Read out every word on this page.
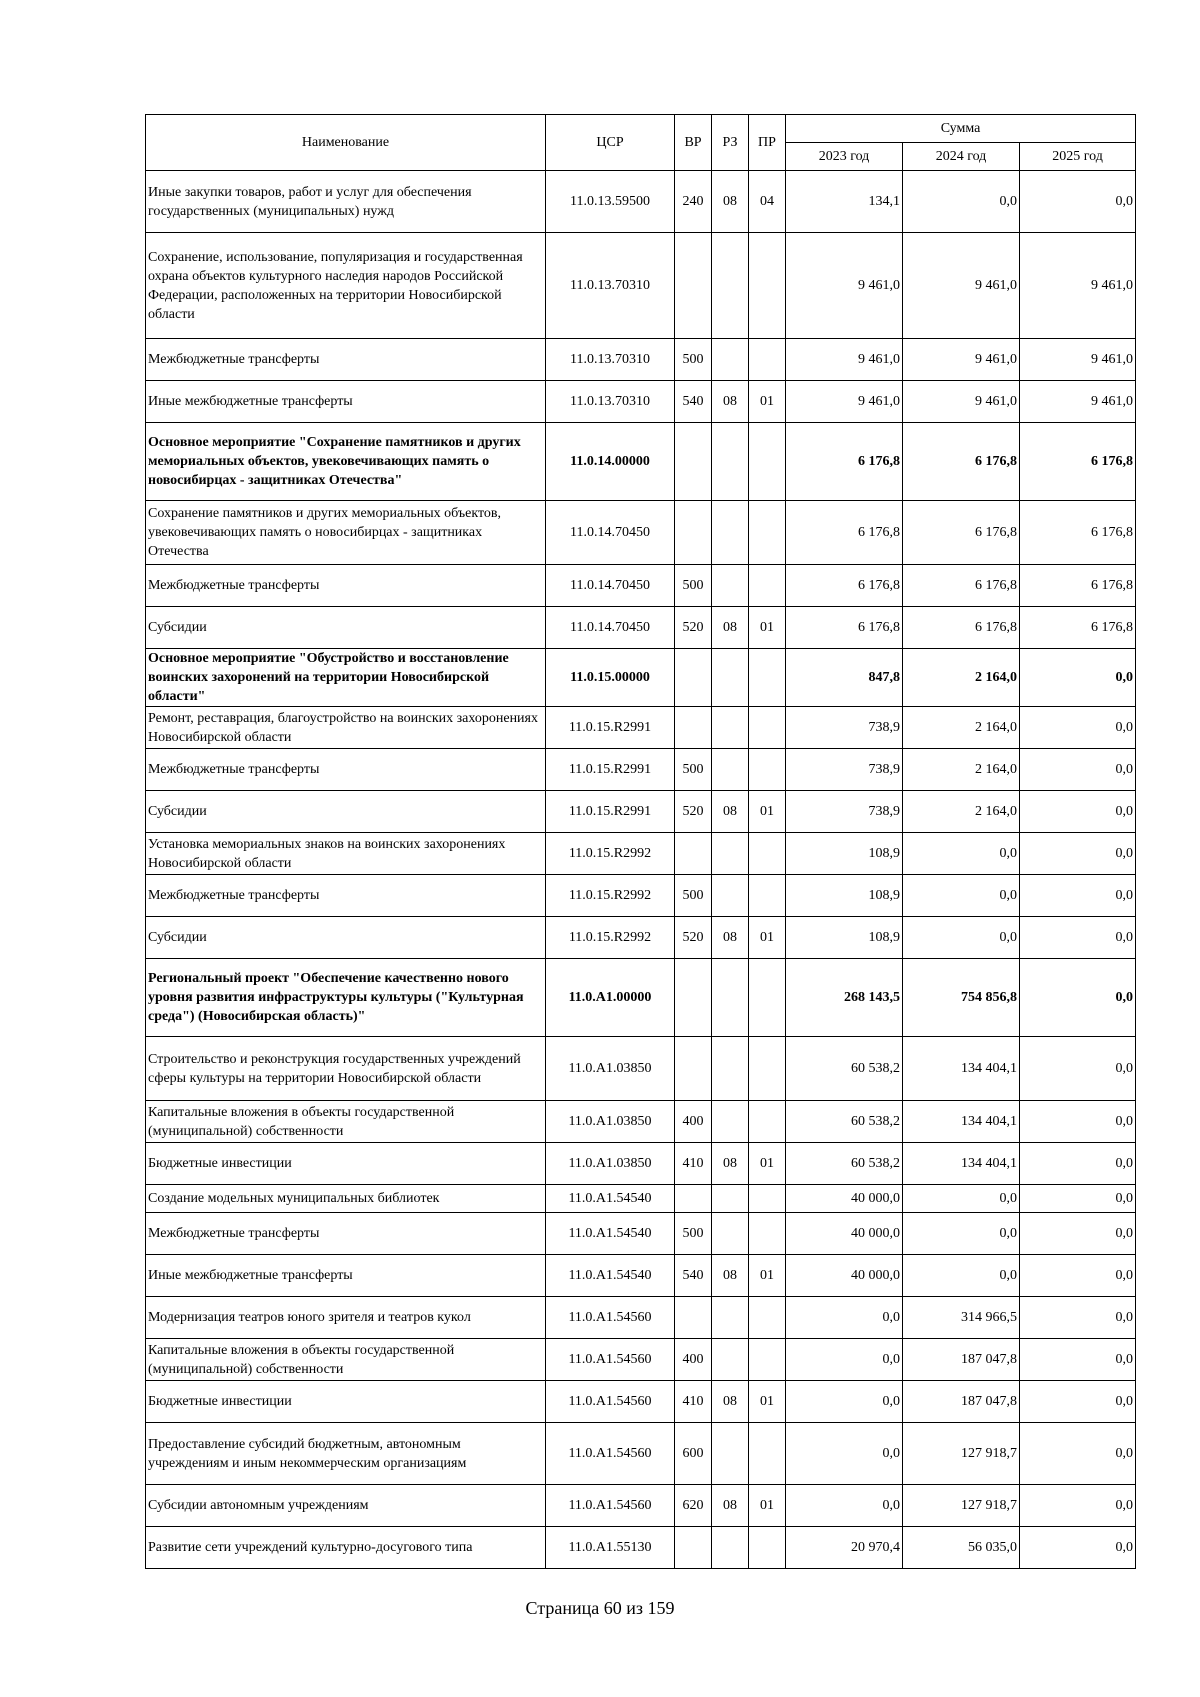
Наименование	ЦСР	ВР	РЗ	ПР	Сумма		
					2023 год	2024 год	2025 год
Иные закупки товаров, работ и услуг для обеспечения государственных (муниципальных) нужд	11.0.13.59500	240	08	04	134,1	0,0	0,0
Сохранение, использование, популяризация и государственная охрана объектов культурного наследия народов Российской Федерации, расположенных на территории Новосибирской области	11.0.13.70310				9 461,0	9 461,0	9 461,0
Межбюджетные трансферты	11.0.13.70310	500			9 461,0	9 461,0	9 461,0
Иные межбюджетные трансферты	11.0.13.70310	540	08	01	9 461,0	9 461,0	9 461,0
Основное мероприятие "Сохранение памятников и других мемориальных объектов, увековечивающих память о новосибирцах - защитниках Отечества"	11.0.14.00000				6 176,8	6 176,8	6 176,8
Сохранение памятников и других мемориальных объектов, увековечивающих память о новосибирцах - защитниках Отечества	11.0.14.70450				6 176,8	6 176,8	6 176,8
Межбюджетные трансферты	11.0.14.70450	500			6 176,8	6 176,8	6 176,8
Субсидии	11.0.14.70450	520	08	01	6 176,8	6 176,8	6 176,8
Основное мероприятие "Обустройство и восстановление воинских захоронений на территории Новосибирской области"	11.0.15.00000				847,8	2 164,0	0,0
Ремонт, реставрация, благоустройство на воинских захоронениях Новосибирской области	11.0.15.R2991				738,9	2 164,0	0,0
Межбюджетные трансферты	11.0.15.R2991	500			738,9	2 164,0	0,0
Субсидии	11.0.15.R2991	520	08	01	738,9	2 164,0	0,0
Установка мемориальных знаков на воинских захоронениях Новосибирской области	11.0.15.R2992				108,9	0,0	0,0
Межбюджетные трансферты	11.0.15.R2992	500			108,9	0,0	0,0
Субсидии	11.0.15.R2992	520	08	01	108,9	0,0	0,0
Региональный проект "Обеспечение качественно нового уровня развития инфраструктуры культуры ("Культурная среда") (Новосибирская область)"	11.0.A1.00000				268 143,5	754 856,8	0,0
Строительство и реконструкция государственных учреждений сферы культуры на территории Новосибирской области	11.0.A1.03850				60 538,2	134 404,1	0,0
Капитальные вложения в объекты государственной (муниципальной) собственности	11.0.A1.03850	400			60 538,2	134 404,1	0,0
Бюджетные инвестиции	11.0.A1.03850	410	08	01	60 538,2	134 404,1	0,0
Создание модельных муниципальных библиотек	11.0.A1.54540				40 000,0	0,0	0,0
Межбюджетные трансферты	11.0.A1.54540	500			40 000,0	0,0	0,0
Иные межбюджетные трансферты	11.0.A1.54540	540	08	01	40 000,0	0,0	0,0
Модернизация театров юного зрителя и театров кукол	11.0.A1.54560				0,0	314 966,5	0,0
Капитальные вложения в объекты государственной (муниципальной) собственности	11.0.A1.54560	400			0,0	187 047,8	0,0
Бюджетные инвестиции	11.0.A1.54560	410	08	01	0,0	187 047,8	0,0
Предоставление субсидий бюджетным, автономным учреждениям и иным некоммерческим организациям	11.0.A1.54560	600			0,0	127 918,7	0,0
Субсидии автономным учреждениям	11.0.A1.54560	620	08	01	0,0	127 918,7	0,0
Развитие сети учреждений культурно-досугового типа	11.0.A1.55130				20 970,4	56 035,0	0,0
Страница 60 из 159
